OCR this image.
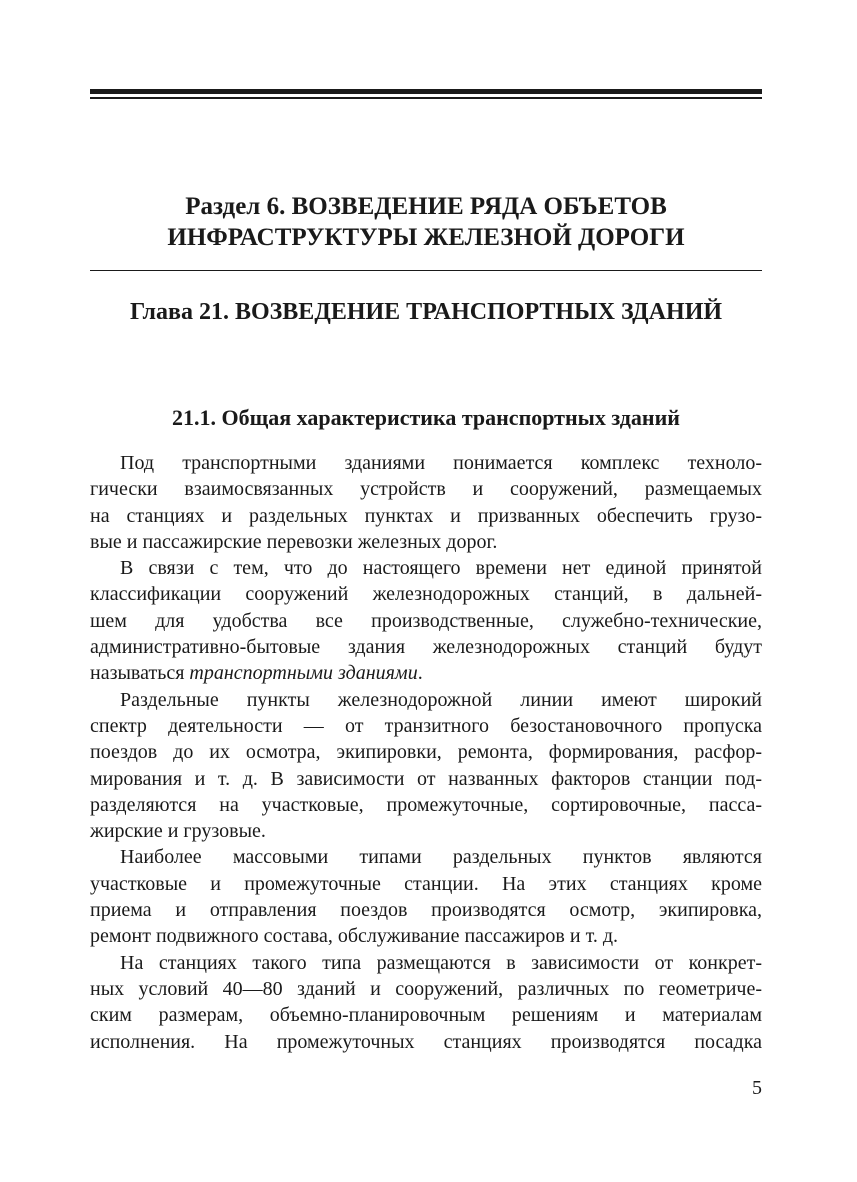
Раздел 6. ВОЗВЕДЕНИЕ РЯДА ОБЪЕТОВ
ИНФРАСТРУКТУРЫ ЖЕЛЕЗНОЙ ДОРОГИ
Глава 21. ВОЗВЕДЕНИЕ ТРАНСПОРТНЫХ ЗДАНИЙ
21.1. Общая характеристика транспортных зданий

Под транспортными зданиями понимается комплекс техноло-
гически взаимосвязанных устройств и сооружений, размещаемых
на станциях и раздельных пунктах и призванных обеспечить грузо-
вые и пассажирские перевозки железных дорог.

В связи с тем, что до настоящего времени нет единой принятой
классификации сооружений железнодорожных станций, в дальней-
шем для удобства все производственные, служебно-технические,
административно-бытовые здания железнодорожных станций будут
называться транспортными зданиями.

Раздельные пункты железнодорожной линии имеют широкий
спектр деятельности — от транзитного безостановочного пропуска
поездов до их осмотра, экипировки, ремонта, формирования, расфор-
мирования и т. д. В зависимости от названных факторов станции под-
разделяются на участковые, промежуточные, сортировочные, пасса-
жирские и грузовые.

Наиболее массовыми типами раздельных пунктов являются
участковые и промежуточные станции. На этих станциях кроме
приема и отправления поездов производятся осмотр, экипировка,
ремонт подвижного состава, обслуживание пассажиров и т. д.

На станциях такого типа размещаются в зависимости от конкрет-
ных условий 40—80 зданий и сооружений, различных по геометриче-
ским размерам, объемно-планировочным решениям и материалам
исполнения. На промежуточных станциях производятся посадка

5
